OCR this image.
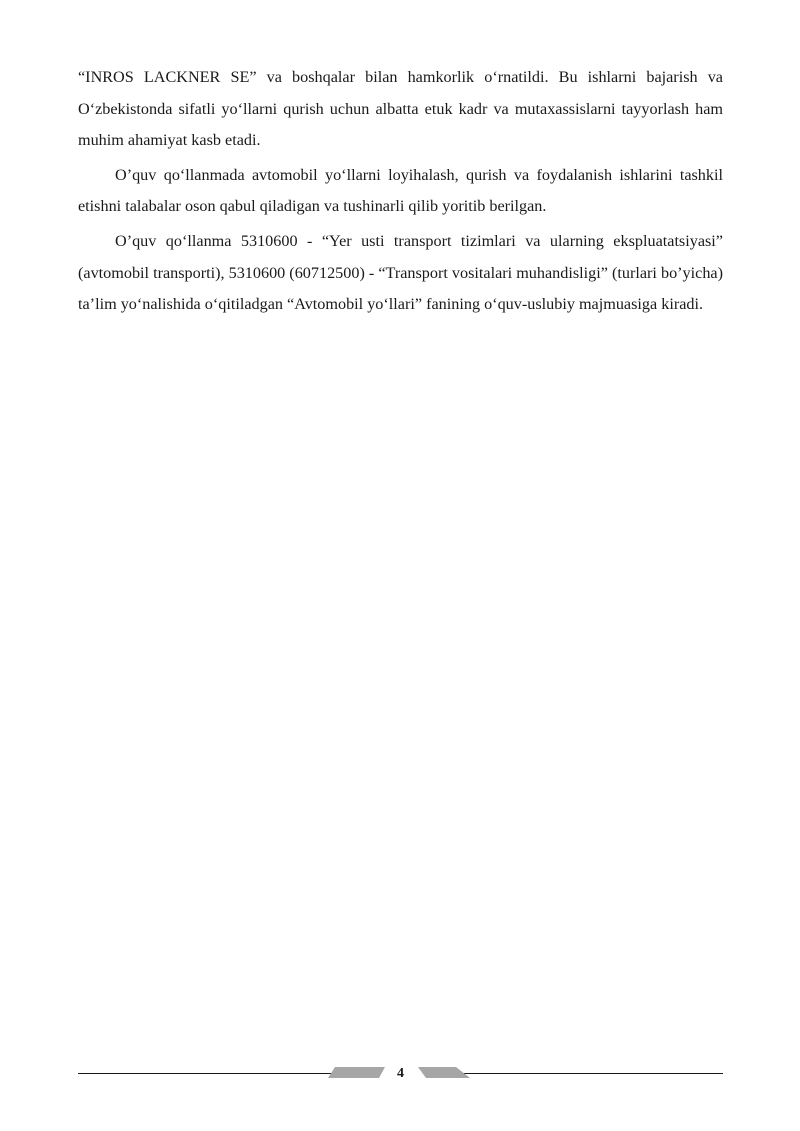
“INROS LACKNER SE” va boshqalar bilan hamkorlik o‘rnatildi. Bu ishlarni bajarish va O‘zbekistonda sifatli yo‘llarni qurish uchun albatta etuk kadr va mutaxassislarni tayyorlash ham muhim ahamiyat kasb etadi.

O’quv qo‘llanmada avtomobil yo‘llarni loyihalash, qurish va foydalanish ishlarini tashkil etishni talabalar oson qabul qiladigan va tushinarli qilib yoritib berilgan.

O’quv qo‘llanma 5310600 - “Yer usti transport tizimlari va ularning ekspluatatsiyasi” (avtomobil transporti), 5310600 (60712500) - “Transport vositalari muhandisligi” (turlari bo’yicha) ta’lim yo‘nalishida o‘qitiladgan “Avtomobil yo‘llari” fanining o‘quv-uslubiy majmuasiga kiradi.

4
